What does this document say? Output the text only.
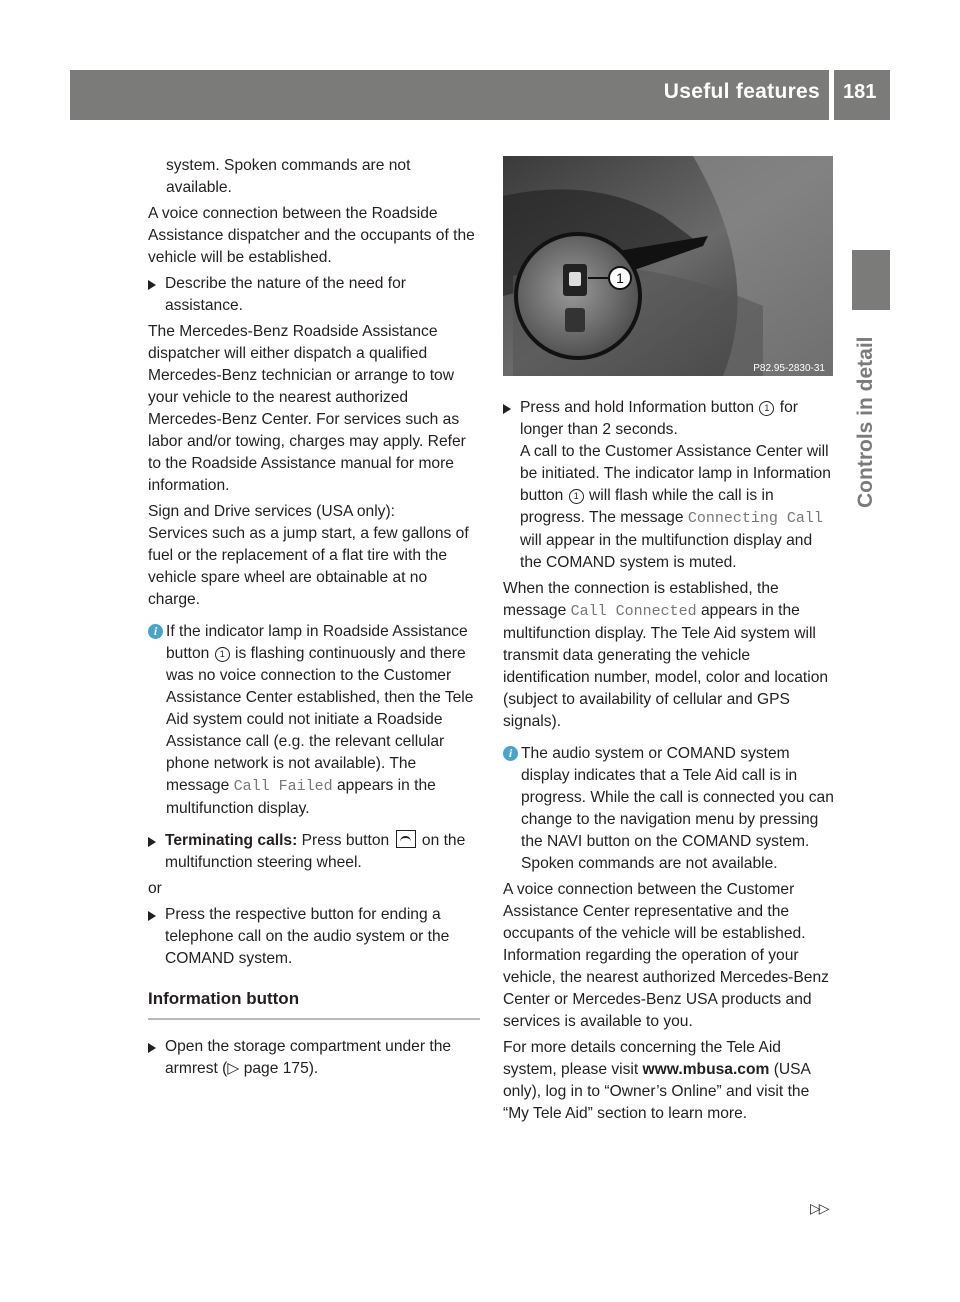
Useful features 181
Controls in detail

system. Spoken commands are not available.

A voice connection between the Roadside Assistance dispatcher and the occupants of the vehicle will be established.

Describe the nature of the need for assistance.

The Mercedes-Benz Roadside Assistance dispatcher will either dispatch a qualified Mercedes-Benz technician or arrange to tow your vehicle to the nearest authorized Mercedes-Benz Center. For services such as labor and/or towing, charges may apply. Refer to the Roadside Assistance manual for more information.

Sign and Drive services (USA only):
Services such as a jump start, a few gallons of fuel or the replacement of a flat tire with the vehicle spare wheel are obtainable at no charge.

i If the indicator lamp in Roadside Assistance button 1 is flashing continuously and there was no voice connection to the Customer Assistance Center established, then the Tele Aid system could not initiate a Roadside Assistance call (e.g. the relevant cellular phone network is not available). The message Call Failed appears in the multifunction display.
Terminating calls: Press button on the multifunction steering wheel.

or

Press the respective button for ending a telephone call on the audio system or the COMAND system.
Information button
Open the storage compartment under the armrest (▷ page 175).
1
P82.95-2830-31
Press and hold Information button 1 for longer than 2 seconds.
A call to the Customer Assistance Center will be initiated. The indicator lamp in Information button 1 will flash while the call is in progress. The message Connecting Call will appear in the multifunction display and the COMAND system is muted.

When the connection is established, the message Call Connected appears in the multifunction display. The Tele Aid system will transmit data generating the vehicle identification number, model, color and location (subject to availability of cellular and GPS signals).

i The audio system or COMAND system display indicates that a Tele Aid call is in progress. While the call is connected you can change to the navigation menu by pressing the NAVI button on the COMAND system. Spoken commands are not available.

A voice connection between the Customer Assistance Center representative and the occupants of the vehicle will be established. Information regarding the operation of your vehicle, the nearest authorized Mercedes-Benz Center or Mercedes-Benz USA products and services is available to you.

For more details concerning the Tele Aid system, please visit www.mbusa.com (USA only), log in to “Owner’s Online” and visit the “My Tele Aid” section to learn more.

▷▷
